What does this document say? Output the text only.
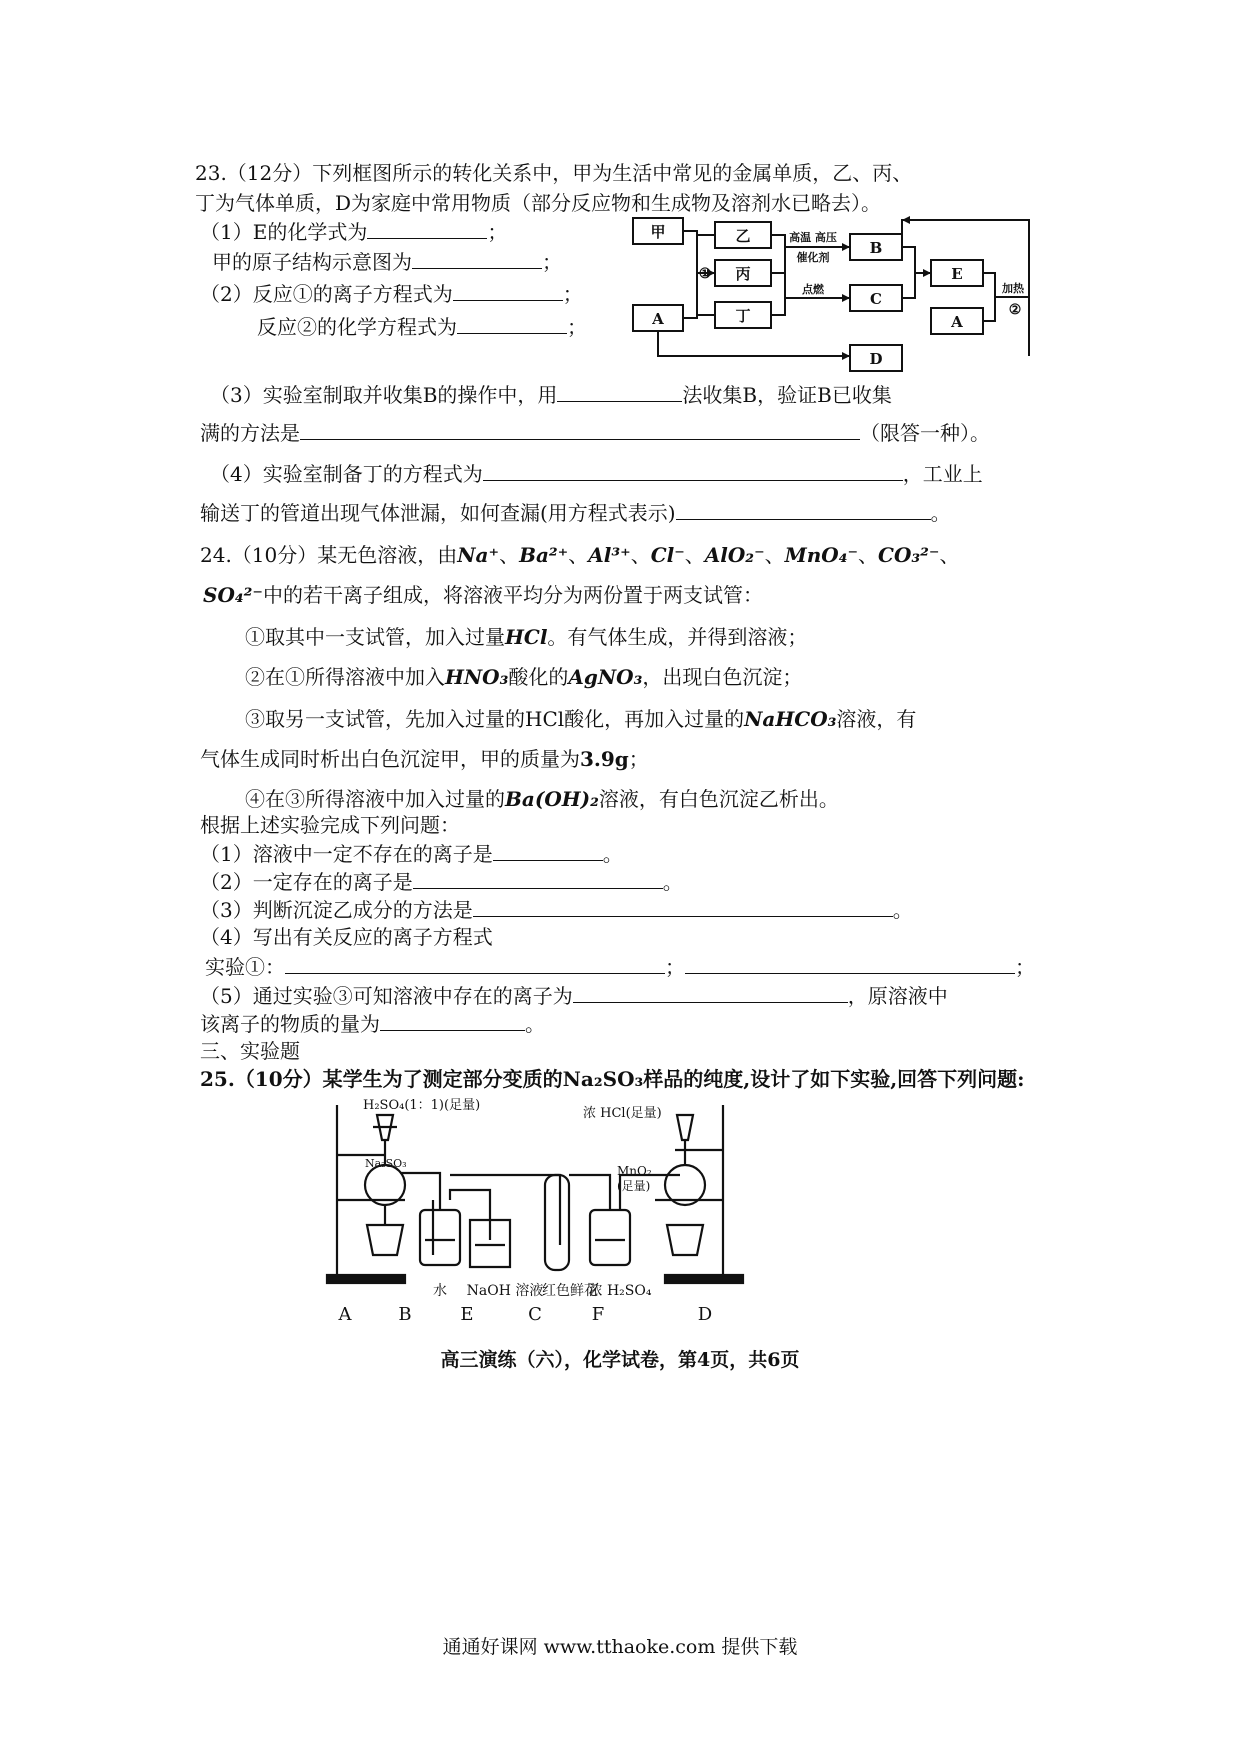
23.（12分）下列框图所示的转化关系中，甲为生活中常见的金属单质，乙、丙、
丁为气体单质，D为家庭中常用物质（部分反应物和生成物及溶剂水已略去）。
（1）E的化学式为	；
甲的原子结构示意图为	；
（2）反应①的离子方程式为	；
反应②的化学方程式为	；
甲	乙
丙
A	丁
B
C
E
A
D
高温 高压
催化剂
点燃	加热
①
②
（3）实验室制取并收集B的操作中，用	法收集B，验证B已收集
满的方法是	（限答一种）。
（4）实验室制备丁的方程式为	，工业上
输送丁的管道出现气体泄漏，如何查漏(用方程式表示)	。
24.（10分）某无色溶液，由Na⁺、Ba²⁺、Al³⁺、Cl⁻、AlO₂⁻、MnO₄⁻、CO₃²⁻、
SO₄²⁻中的若干离子组成，将溶液平均分为两份置于两支试管：
①取其中一支试管，加入过量HCl。有气体生成，并得到溶液；
②在①所得溶液中加入HNO₃酸化的AgNO₃，出现白色沉淀；
③取另一支试管，先加入过量的HCl酸化，再加入过量的NaHCO₃溶液，有
气体生成同时析出白色沉淀甲，甲的质量为3.9g；
④在③所得溶液中加入过量的Ba(OH)₂溶液，有白色沉淀乙析出。
根据上述实验完成下列问题：
（1）溶液中一定不存在的离子是	。
（2）一定存在的离子是	。
（3）判断沉淀乙成分的方法是	。
（4）写出有关反应的离子方程式
实验①：	；	；
（5）通过实验③可知溶液中存在的离子为	，原溶液中
该离子的物质的量为	。
三、实验题
25.（10分）某学生为了测定部分变质的Na₂SO₃样品的纯度,设计了如下实验,回答下列问题:
H₂SO₄(1：1)(足量)
Na₂SO₃
浓 HCl(足量)
MnO₂
(足量)
水 NaOH 溶液
红色鲜花
浓 H₂SO₄
A	B	E	C	F	D
高三演练（六），化学试卷，第4页，共6页
通通好课网 www.tthaoke.com 提供下载
